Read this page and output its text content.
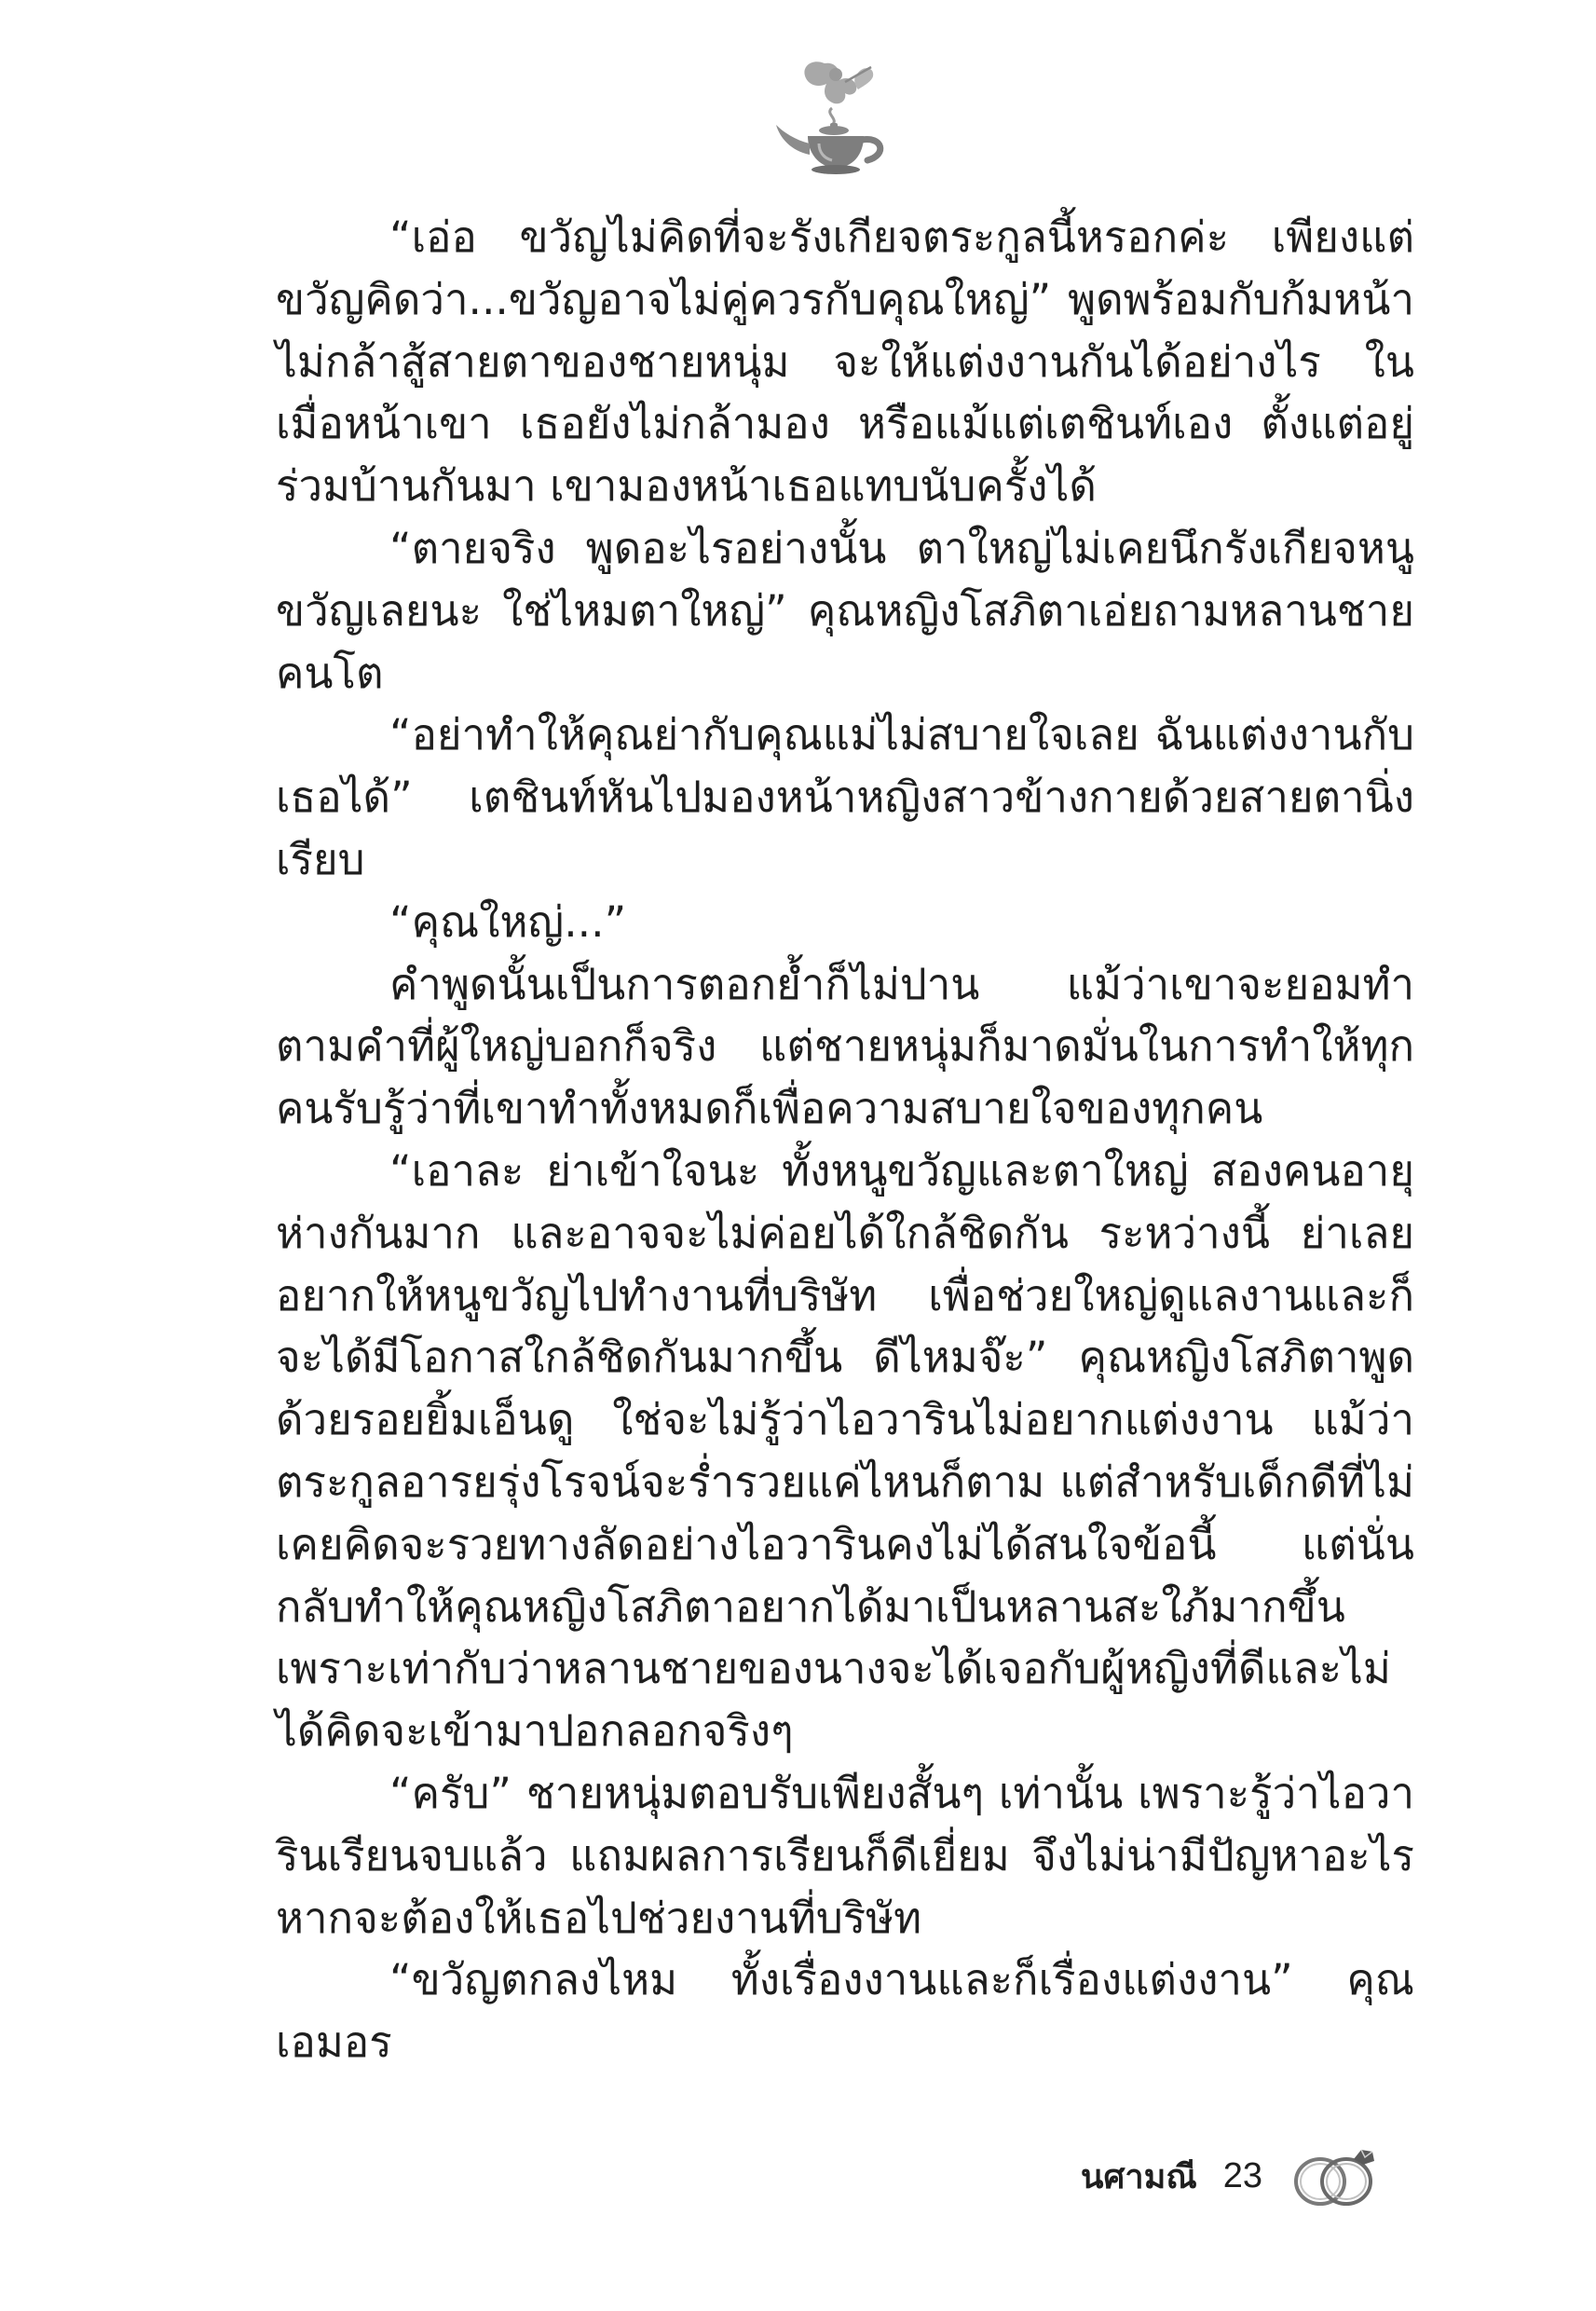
“เอ่อ ขวัญไม่คิดที่จะรังเกียจตระกูลนี้หรอกค่ะ เพียงแต่ขวัญคิดว่า...ขวัญอาจไม่คู่ควรกับคุณใหญ่” พูดพร้อมกับก้มหน้าไม่กล้าสู้สายตาของชายหนุ่ม จะให้แต่งงานกันได้อย่างไร ในเมื่อหน้าเขา เธอยังไม่กล้ามอง หรือแม้แต่เตชินท์เอง ตั้งแต่อยู่ร่วมบ้านกันมา เขามองหน้าเธอแทบนับครั้งได้

“ตายจริง พูดอะไรอย่างนั้น ตาใหญ่ไม่เคยนึกรังเกียจหนูขวัญเลยนะ ใช่ไหมตาใหญ่” คุณหญิงโสภิตาเอ่ยถามหลานชายคนโต

“อย่าทำให้คุณย่ากับคุณแม่ไม่สบายใจเลย ฉันแต่งงานกับเธอได้” เตชินท์หันไปมองหน้าหญิงสาวข้างกายด้วยสายตานิ่งเรียบ

“คุณใหญ่...”

คำพูดนั้นเป็นการตอกย้ำก็ไม่ปาน แม้ว่าเขาจะยอมทำตามคำที่ผู้ใหญ่บอกก็จริง แต่ชายหนุ่มก็มาดมั่นในการทำให้ทุกคนรับรู้ว่าที่เขาทำทั้งหมดก็เพื่อความสบายใจของทุกคน

“เอาละ ย่าเข้าใจนะ ทั้งหนูขวัญและตาใหญ่ สองคนอายุห่างกันมาก และอาจจะไม่ค่อยได้ใกล้ชิดกัน ระหว่างนี้ ย่าเลยอยากให้หนูขวัญไปทำงานที่บริษัท เพื่อช่วยใหญ่ดูแลงานและก็จะได้มีโอกาสใกล้ชิดกันมากขึ้น ดีไหมจ๊ะ” คุณหญิงโสภิตาพูดด้วยรอยยิ้มเอ็นดู ใช่จะไม่รู้ว่าไอวารินไม่อยากแต่งงาน แม้ว่าตระกูลอารยรุ่งโรจน์จะร่ำรวยแค่ไหนก็ตาม แต่สำหรับเด็กดีที่ไม่เคยคิดจะรวยทางลัดอย่างไอวารินคงไม่ได้สนใจข้อนี้ แต่นั่นกลับทำให้คุณหญิงโสภิตาอยากได้มาเป็นหลานสะใภ้มากขึ้น เพราะเท่ากับว่าหลานชายของนางจะได้เจอกับผู้หญิงที่ดีและไม่ได้คิดจะเข้ามาปอกลอกจริงๆ

“ครับ” ชายหนุ่มตอบรับเพียงสั้นๆ เท่านั้น เพราะรู้ว่าไอวารินเรียนจบแล้ว แถมผลการเรียนก็ดีเยี่ยม จึงไม่น่ามีปัญหาอะไรหากจะต้องให้เธอไปช่วยงานที่บริษัท

“ขวัญตกลงไหม ทั้งเรื่องงานและก็เรื่องแต่งงาน” คุณเอมอร

นศามณี 23
